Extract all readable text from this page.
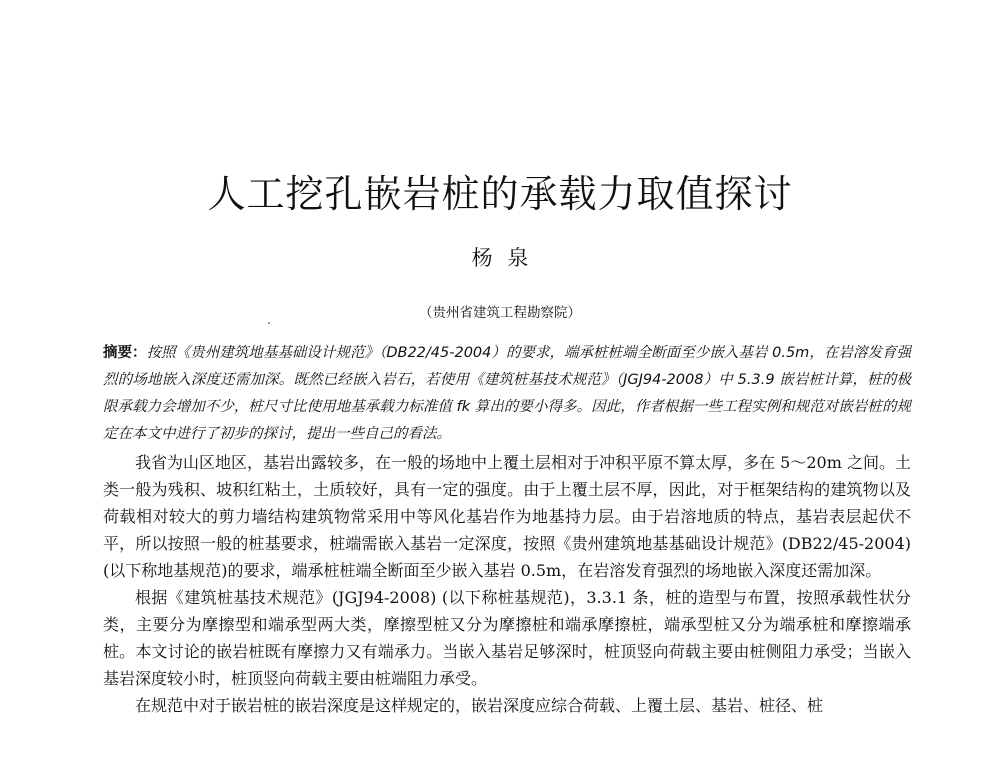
人工挖孔嵌岩桩的承载力取值探讨
杨 泉
（贵州省建筑工程勘察院）
摘要：按照《贵州建筑地基基础设计规范》（DB22/45-2004）的要求，端承桩桩端全断面至少嵌入基岩 0.5m，在岩溶发育强烈的场地嵌入深度还需加深。既然已经嵌入岩石，若使用《建筑桩基技术规范》（JGJ94-2008）中 5.3.9 嵌岩桩计算，桩的极限承载力会增加不少，桩尺寸比使用地基承载力标准值 fk 算出的要小得多。因此，作者根据一些工程实例和规范对嵌岩桩的规定在本文中进行了初步的探讨，提出一些自己的看法。

我省为山区地区，基岩出露较多，在一般的场地中上覆土层相对于冲积平原不算太厚，多在 5～20m 之间。土类一般为残积、坡积红粘土，土质较好，具有一定的强度。由于上覆土层不厚，因此，对于框架结构的建筑物以及荷载相对较大的剪力墙结构建筑物常采用中等风化基岩作为地基持力层。由于岩溶地质的特点，基岩表层起伏不平，所以按照一般的桩基要求，桩端需嵌入基岩一定深度，按照《贵州建筑地基基础设计规范》(DB22/45-2004) (以下称地基规范)的要求，端承桩桩端全断面至少嵌入基岩 0.5m，在岩溶发育强烈的场地嵌入深度还需加深。

根据《建筑桩基技术规范》(JGJ94-2008) (以下称桩基规范)，3.3.1 条，桩的造型与布置，按照承载性状分类，主要分为摩擦型和端承型两大类，摩擦型桩又分为摩擦桩和端承摩擦桩，端承型桩又分为端承桩和摩擦端承桩。本文讨论的嵌岩桩既有摩擦力又有端承力。当嵌入基岩足够深时，桩顶竖向荷载主要由桩侧阻力承受；当嵌入基岩深度较小时，桩顶竖向荷载主要由桩端阻力承受。

在规范中对于嵌岩桩的嵌岩深度是这样规定的，嵌岩深度应综合荷载、上覆土层、基岩、桩径、桩
